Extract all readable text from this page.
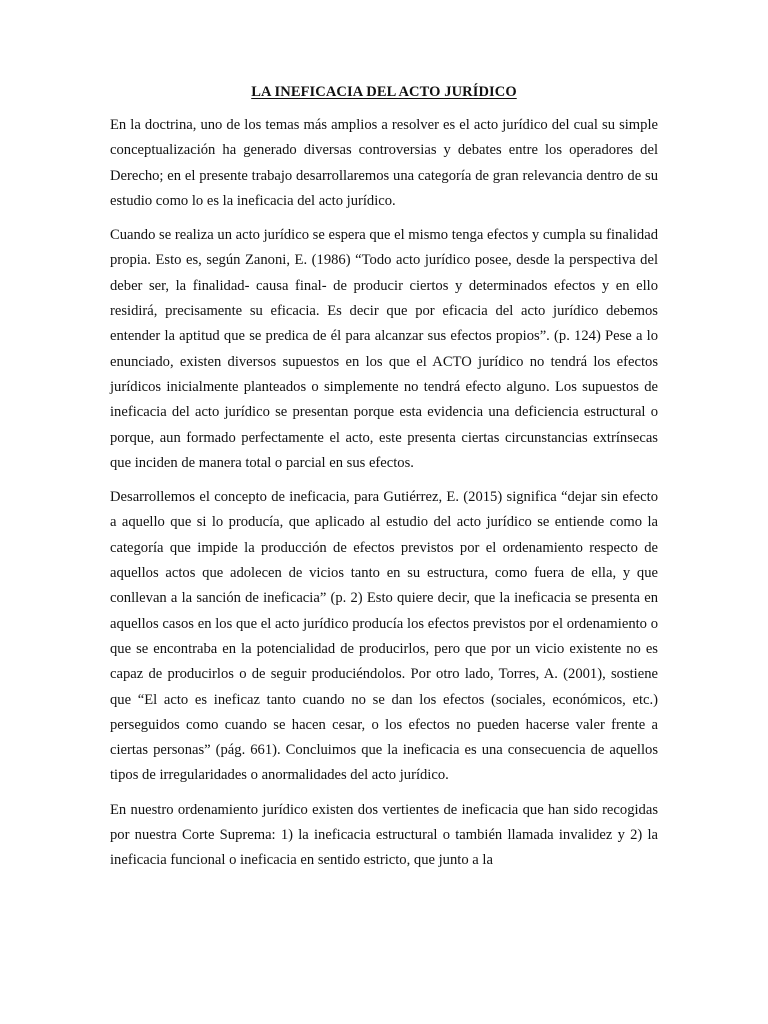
LA INEFICACIA DEL ACTO JURÍDICO

En la doctrina, uno de los temas más amplios a resolver es el acto jurídico del cual su simple conceptualización ha generado diversas controversias y debates entre los operadores del Derecho; en el presente trabajo desarrollaremos una categoría de gran relevancia dentro de su estudio como lo es la ineficacia del acto jurídico.

Cuando se realiza un acto jurídico se espera que el mismo tenga efectos y cumpla su finalidad propia. Esto es, según Zanoni, E. (1986) “Todo acto jurídico posee, desde la perspectiva del deber ser, la finalidad- causa final- de producir ciertos y determinados efectos y en ello residirá, precisamente su eficacia. Es decir que por eficacia del acto jurídico debemos entender la aptitud que se predica de él para alcanzar sus efectos propios”. (p. 124) Pese a lo enunciado, existen diversos supuestos en los que el ACTO jurídico no tendrá los efectos jurídicos inicialmente planteados o simplemente no tendrá efecto alguno. Los supuestos de ineficacia del acto jurídico se presentan porque esta evidencia una deficiencia estructural o porque, aun formado perfectamente el acto, este presenta ciertas circunstancias extrínsecas que inciden de manera total o parcial en sus efectos.

Desarrollemos el concepto de ineficacia, para Gutiérrez, E. (2015) significa “dejar sin efecto a aquello que si lo producía, que aplicado al estudio del acto jurídico se entiende como la categoría que impide la producción de efectos previstos por el ordenamiento respecto de aquellos actos que adolecen de vicios tanto en su estructura, como fuera de ella, y que conllevan a la sanción de ineficacia” (p. 2) Esto quiere decir, que la ineficacia se presenta en aquellos casos en los que el acto jurídico producía los efectos previstos por el ordenamiento o que se encontraba en la potencialidad de producirlos, pero que por un vicio existente no es capaz de producirlos o de seguir produciéndolos. Por otro lado, Torres, A. (2001), sostiene que “El acto es ineficaz tanto cuando no se dan los efectos (sociales, económicos, etc.) perseguidos como cuando se hacen cesar, o los efectos no pueden hacerse valer frente a ciertas personas” (pág. 661). Concluimos que la ineficacia es una consecuencia de aquellos tipos de irregularidades o anormalidades del acto jurídico.

En nuestro ordenamiento jurídico existen dos vertientes de ineficacia que han sido recogidas por nuestra Corte Suprema: 1) la ineficacia estructural o también llamada invalidez y 2) la ineficacia funcional o ineficacia en sentido estricto, que junto a la
